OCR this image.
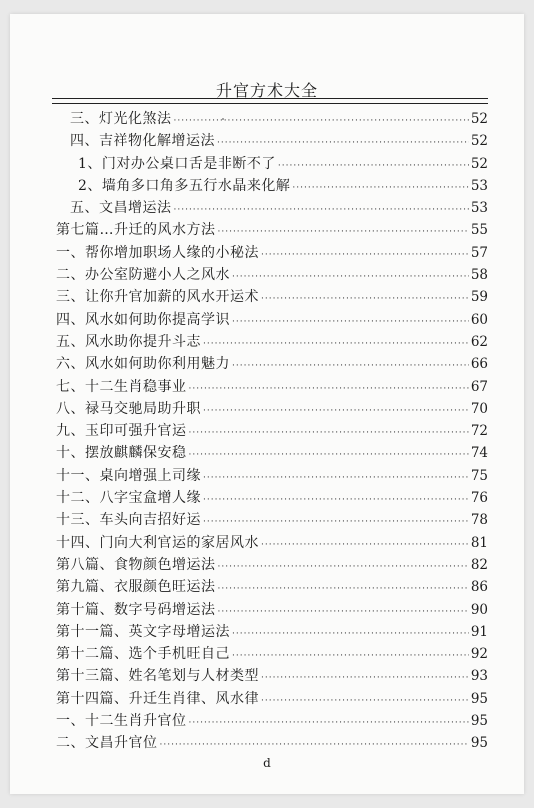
升官方术大全
三、灯光化煞法 ·····	52
四、吉祥物化解增运法 ·····	52
1、门对办公桌口舌是非断不了 ·····	52
2、墙角多口角多五行水晶来化解 ·····	53
五、文昌增运法 ·····	53
第七篇…升迁的风水方法 ·····	55
一、帮你增加职场人缘的小秘法 ·····	57
二、办公室防避小人之风水 ·····	58
三、让你升官加薪的风水开运术 ·····	59
四、风水如何助你提高学识 ·····	60
五、风水助你提升斗志 ·····	62
六、风水如何助你利用魅力 ·····	66
七、十二生肖稳事业 ·····	67
八、禄马交驰局助升职 ·····	70
九、玉印可强升官运 ·····	72
十、摆放麒麟保安稳 ·····	74
十一、桌向增强上司缘 ·····	75
十二、八字宝盒增人缘 ·····	76
十三、车头向吉招好运 ·····	78
十四、门向大利官运的家居风水 ·····	81
第八篇、食物颜色增运法 ·····	82
第九篇、衣服颜色旺运法 ·····	86
第十篇、数字号码增运法 ·····	90
第十一篇、英文字母增运法 ·····	91
第十二篇、选个手机旺自己 ·····	92
第十三篇、姓名笔划与人材类型 ·····	93
第十四篇、升迁生肖律、风水律 ·····	95
一、十二生肖升官位 ·····	95
二、文昌升官位 ·····	95
d
